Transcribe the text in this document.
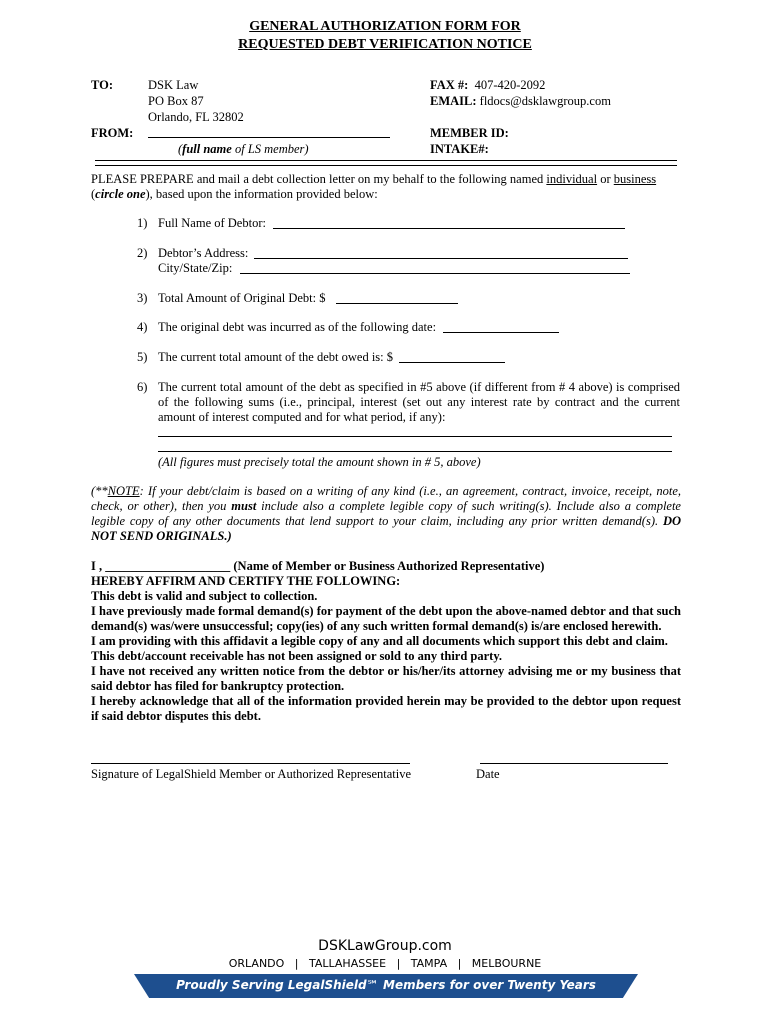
GENERAL AUTHORIZATION FORM FOR
REQUESTED DEBT VERIFICATION NOTICE
TO:	DSK Law
PO Box 87
Orlando, FL 32802
FAX #: 407-420-2092
EMAIL: fldocs@dsklawgroup.com
FROM:
(full name of LS member)
MEMBER ID:
INTAKE#:
PLEASE PREPARE and mail a debt collection letter on my behalf to the following named individual or business
(circle one), based upon the information provided below:
1) Full Name of Debtor:
2) Debtor’s Address:
City/State/Zip:
3) Total Amount of Original Debt: $
4) The original debt was incurred as of the following date:
5) The current total amount of the debt owed is: $
6) The current total amount of the debt as specified in #5 above (if different from # 4 above) is comprised of the following sums (i.e., principal, interest (set out any interest rate by contract and the current amount of interest computed and for what period, if any):
(All figures must precisely total the amount shown in # 5, above)
(**NOTE: If your debt/claim is based on a writing of any kind (i.e., an agreement, contract, invoice, receipt, note, check, or other), then you must include also a complete legible copy of such writing(s). Include also a complete legible copy of any other documents that lend support to your claim, including any prior written demand(s). DO NOT SEND ORIGINALS.)
I , ____________________ (Name of Member or Business Authorized Representative)
HEREBY AFFIRM AND CERTIFY THE FOLLOWING:
This debt is valid and subject to collection.
I have previously made formal demand(s) for payment of the debt upon the above-named debtor and that such demand(s) was/were unsuccessful; copy(ies) of any such written formal demand(s) is/are enclosed herewith.
I am providing with this affidavit a legible copy of any and all documents which support this debt and claim.
This debt/account receivable has not been assigned or sold to any third party.
I have not received any written notice from the debtor or his/her/its attorney advising me or my business that said debtor has filed for bankruptcy protection.
I hereby acknowledge that all of the information provided herein may be provided to the debtor upon request if said debtor disputes this debt.
Signature of LegalShield Member or Authorized Representative	Date
DSKLawGroup.com
ORLANDO   |   TALLAHASSEE   |   TAMPA   |   MELBOURNE
Proudly Serving LegalShield℠ Members for over Twenty Years
